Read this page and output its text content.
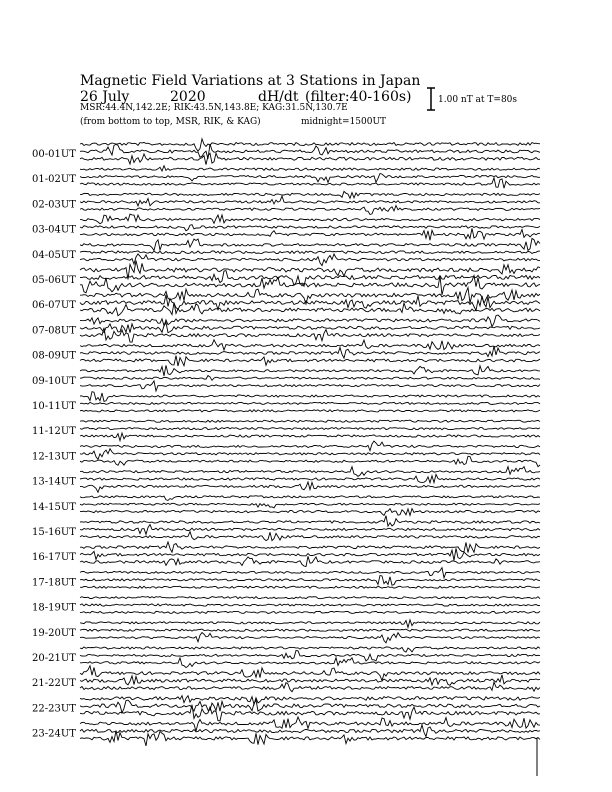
Magnetic Field Variations at 3 Stations in Japan
26 July	2020	dH/dt (filter:40-160s)
MSR:44.4N,142.2E; RIK:43.5N,143.8E; KAG:31.5N,130.7E
(from bottom to top, MSR, RIK, & KAG)	midnight=1500UT
1.00 nT at T=80s
00-01UT
01-02UT
02-03UT
03-04UT
04-05UT
05-06UT
06-07UT
07-08UT
08-09UT
09-10UT
10-11UT
11-12UT
12-13UT
13-14UT
14-15UT
15-16UT
16-17UT
17-18UT
18-19UT
19-20UT
20-21UT
21-22UT
22-23UT
23-24UT
